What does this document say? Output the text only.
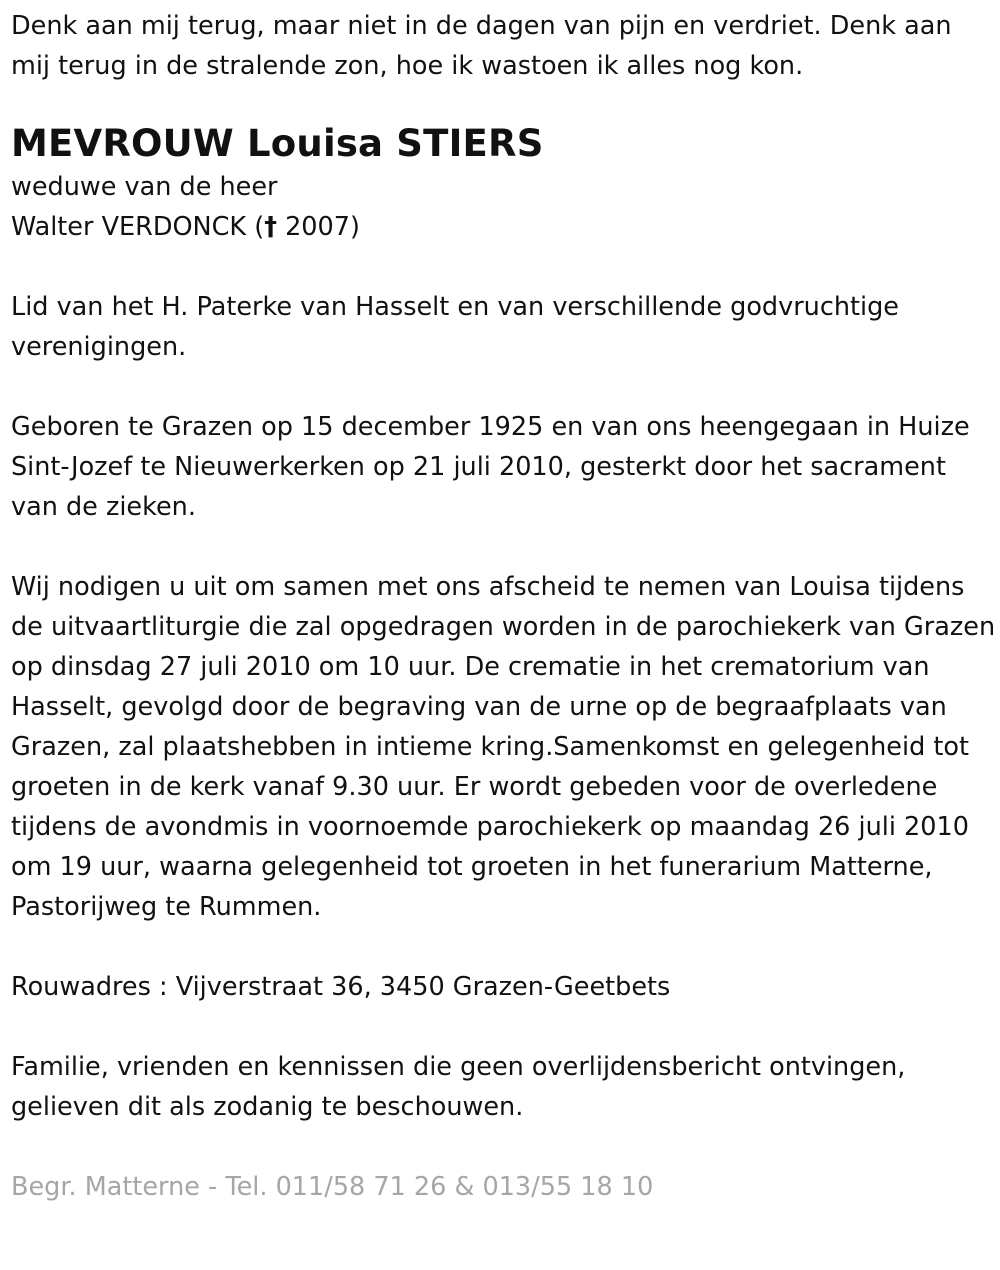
Denk aan mij terug, maar niet in de dagen van pijn en verdriet. Denk aan mij terug in de stralende zon, hoe ik wastoen ik alles nog kon.

MEVROUW Louisa STIERS

weduwe van de heer

Walter VERDONCK († 2007)

Lid van het H. Paterke van Hasselt en van verschillende godvruchtige verenigingen.

Geboren te Grazen op 15 december 1925 en van ons heengegaan in Huize Sint-Jozef te Nieuwerkerken op 21 juli 2010, gesterkt door het sacrament van de zieken.

Wij nodigen u uit om samen met ons afscheid te nemen van Louisa tijdens de uitvaartliturgie die zal opgedragen worden in de parochiekerk van Grazen op dinsdag 27 juli 2010 om 10 uur. De crematie in het crematorium van Hasselt, gevolgd door de begraving van de urne op de begraafplaats van Grazen, zal plaatshebben in intieme kring.Samenkomst en gelegenheid tot groeten in de kerk vanaf 9.30 uur. Er wordt gebeden voor de overledene tijdens de avondmis in voornoemde parochiekerk op maandag 26 juli 2010 om 19 uur, waarna gelegenheid tot groeten in het funerarium Matterne, Pastorijweg te Rummen.

Rouwadres : Vijverstraat 36, 3450 Grazen-Geetbets

Familie, vrienden en kennissen die geen overlijdensbericht ontvingen, gelieven dit als zodanig te beschouwen.

Begr. Matterne - Tel. 011/58 71 26 & 013/55 18 10
